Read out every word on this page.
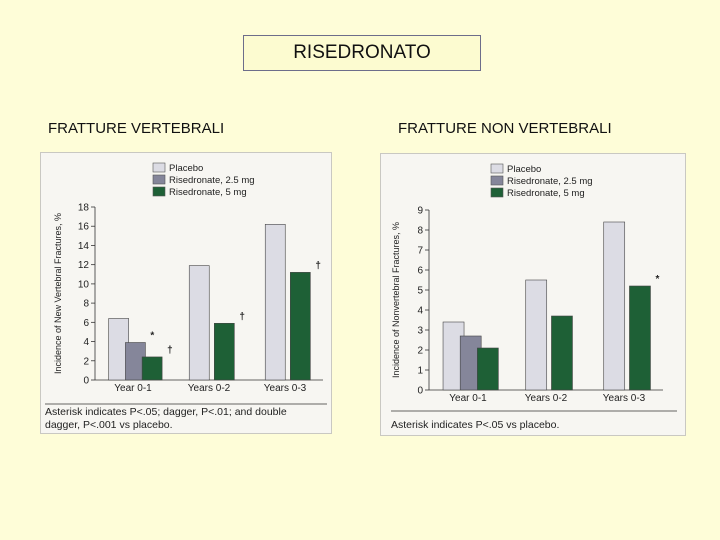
RISEDRONATO
FRATTURE VERTEBRALI	FRATTURE NON VERTEBRALI
Placebo
Risedronate, 2.5 mg
Risedronate, 5 mg
0
2
4
6
8
10
12
14
16
18
Incidence of New Vertebral Fractures, %	*
†
Year 0-1
†
Years 0-2
†
Years 0-3
Asterisk indicates P<.05; dagger, P<.01; and double
dagger, P<.001 vs placebo.
Placebo
Risedronate, 2.5 mg
Risedronate, 5 mg
0
1
2
3
4
5
6
7
8
9
Incidence of Nonvertebral Fractures, %
Year 0-1	Years 0-2
*
Years 0-3
Asterisk indicates P<.05 vs placebo.
